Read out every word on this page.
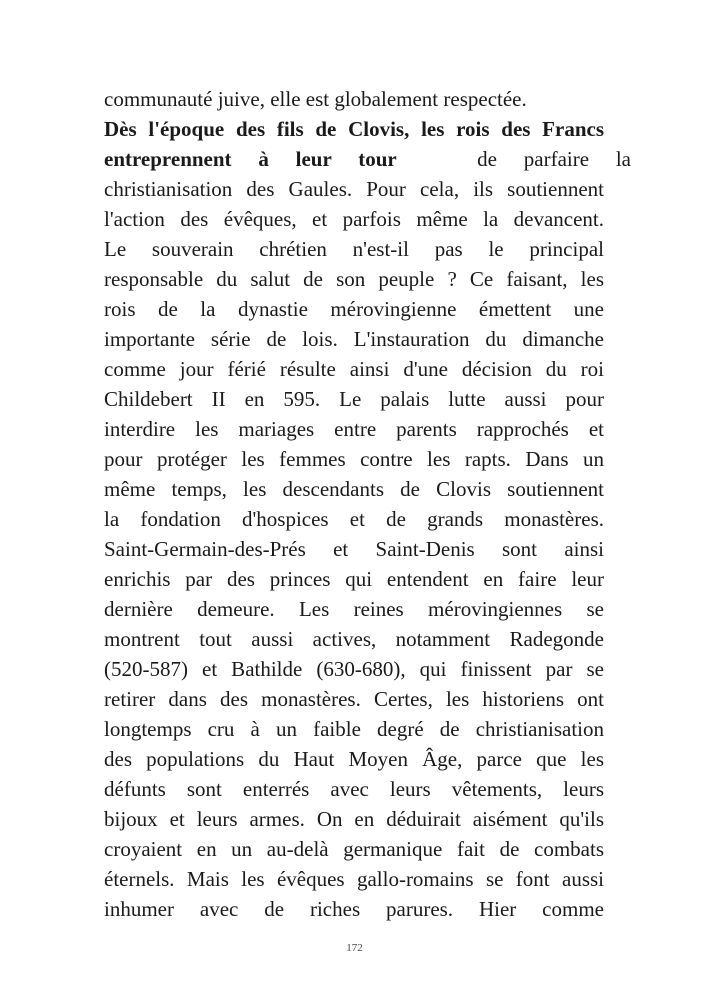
communauté juive, elle est globalement respectée.
Dès l'époque des fils de Clovis, les rois des Francs
entreprennent à leur tour	de parfaire la
christianisation des Gaules. Pour cela, ils soutiennent
l'action des évêques, et parfois même la devancent.
Le souverain chrétien n'est-il pas le principal
responsable du salut de son peuple ? Ce faisant, les
rois de la dynastie mérovingienne émettent une
importante série de lois. L'instauration du dimanche
comme jour férié résulte ainsi d'une décision du roi
Childebert II en 595. Le palais lutte aussi pour
interdire les mariages entre parents rapprochés et
pour protéger les femmes contre les rapts. Dans un
même temps, les descendants de Clovis soutiennent
la fondation d'hospices et de grands monastères.
Saint-Germain-des-Prés et Saint-Denis sont ainsi
enrichis par des princes qui entendent en faire leur
dernière demeure. Les reines mérovingiennes se
montrent tout aussi actives, notamment Radegonde
(520-587) et Bathilde (630-680), qui finissent par se
retirer dans des monastères. Certes, les historiens ont
longtemps cru à un faible degré de christianisation
des populations du Haut Moyen Âge, parce que les
défunts sont enterrés avec leurs vêtements, leurs
bijoux et leurs armes. On en déduirait aisément qu'ils
croyaient en un au-delà germanique fait de combats
éternels. Mais les évêques gallo-romains se font aussi
inhumer avec de riches parures. Hier comme
172
